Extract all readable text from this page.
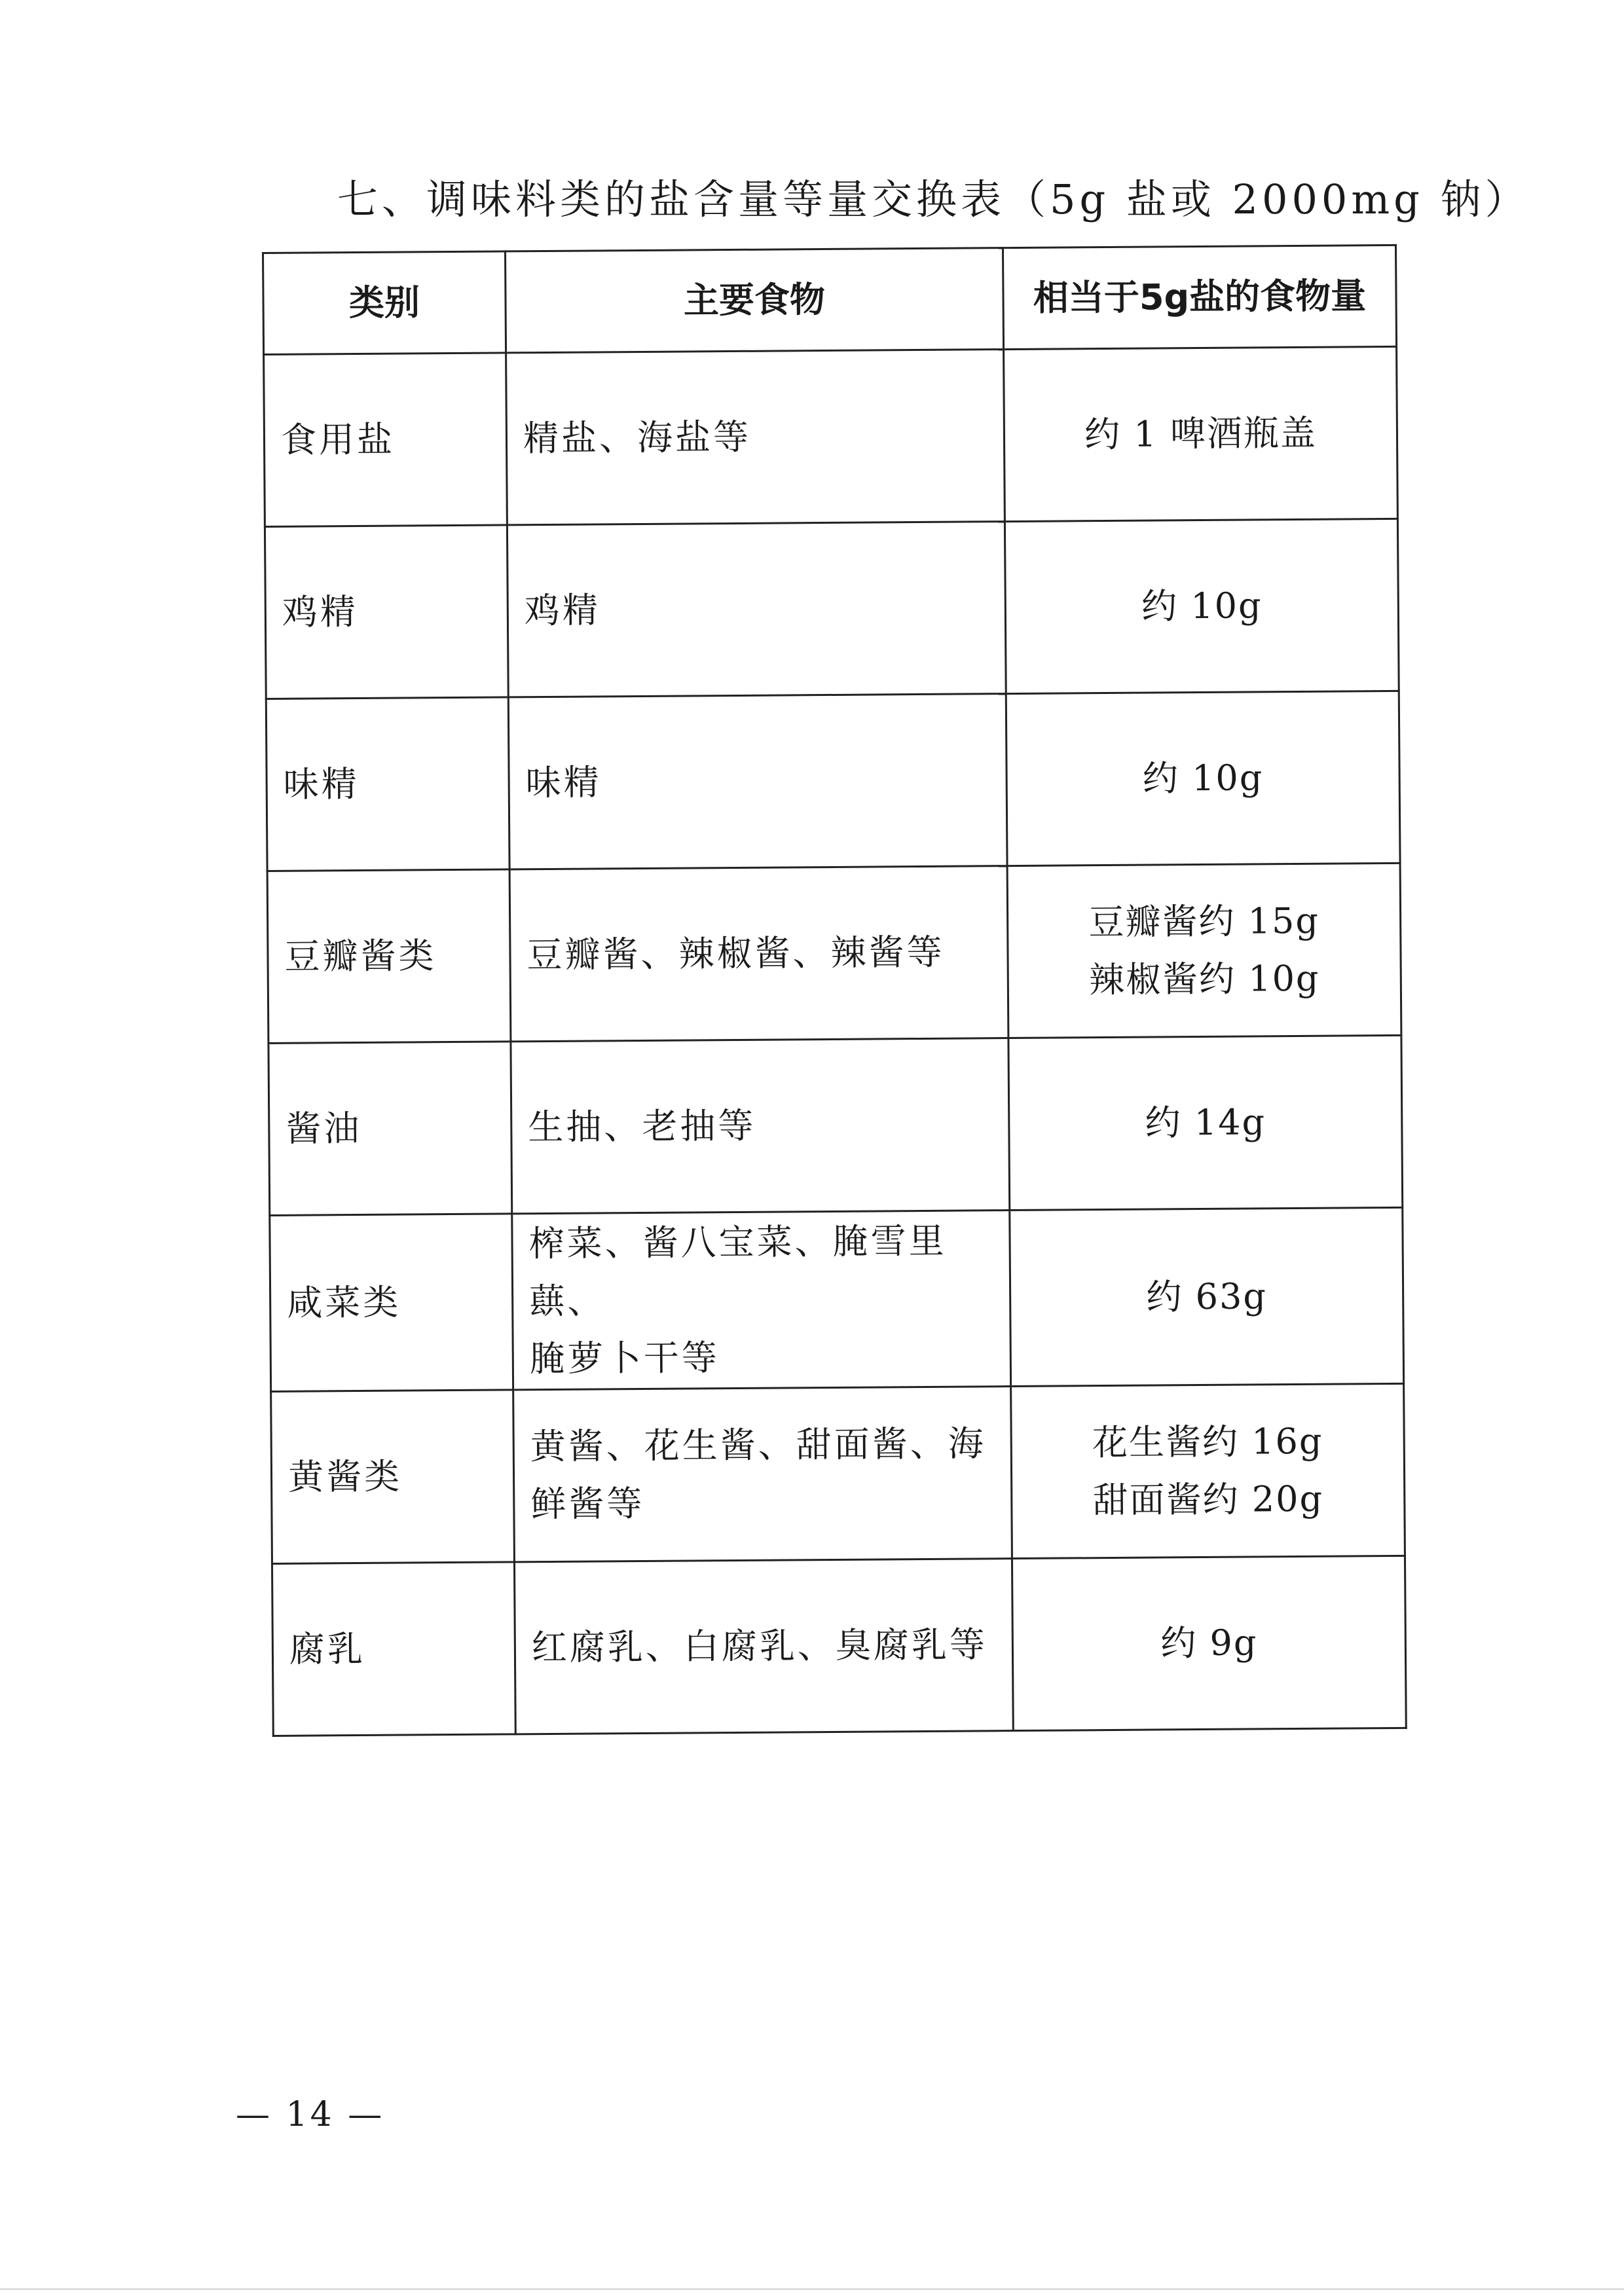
七、调味料类的盐含量等量交换表（5g 盐或 2000mg 钠）
类别	主要食物	相当于5g盐的食物量
食用盐	精盐、海盐等	约 1 啤酒瓶盖

鸡精	鸡精	约 10g

味精	味精	约 10g

豆瓣酱类	豆瓣酱、辣椒酱、辣酱等	豆瓣酱约 15g
辣椒酱约 10g

酱油	生抽、老抽等	约 14g

咸菜类	榨菜、酱八宝菜、腌雪里蕻、
腌萝卜干等	约 63g

黄酱类	黄酱、花生酱、甜面酱、海
鲜酱等	花生酱约 16g
甜面酱约 20g

腐乳	红腐乳、白腐乳、臭腐乳等	约 9g
— 14 —
